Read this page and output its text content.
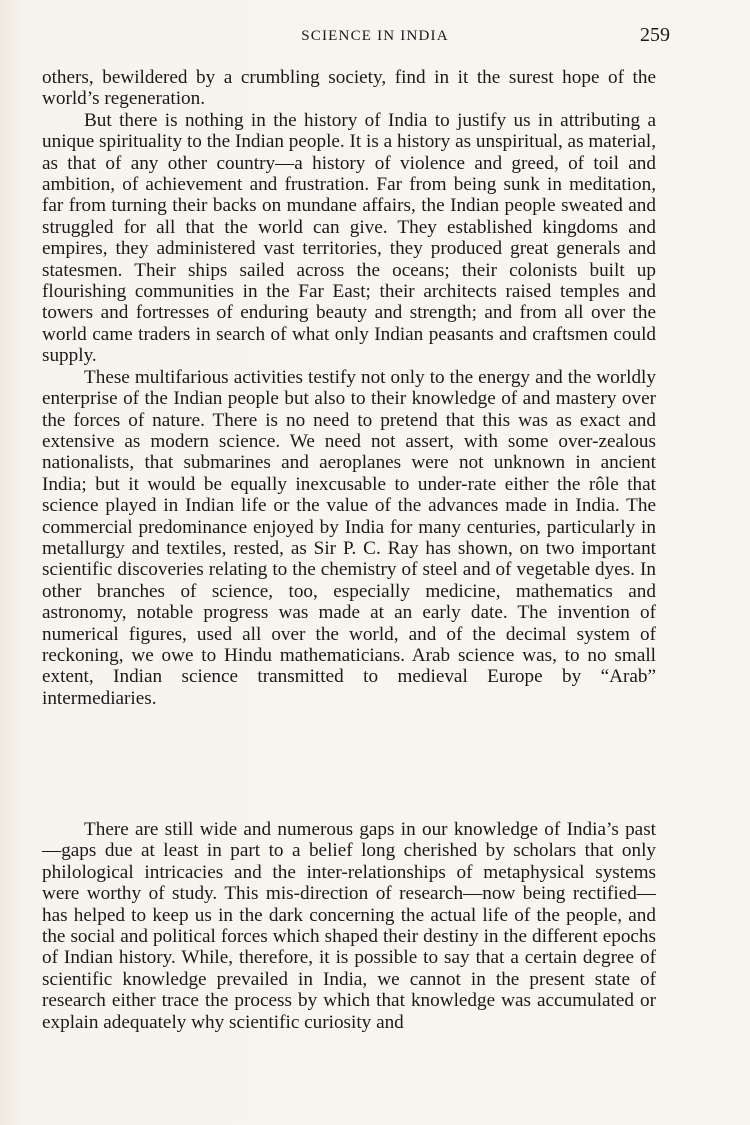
SCIENCE IN INDIA	259

others, bewildered by a crumbling society, find in it the surest hope of the world’s regeneration.

But there is nothing in the history of India to justify us in attributing a unique spirituality to the Indian people. It is a history as unspiritual, as material, as that of any other country—a history of violence and greed, of toil and ambition, of achievement and frustration. Far from being sunk in meditation, far from turning their backs on mundane affairs, the Indian people sweated and struggled for all that the world can give. They established kingdoms and empires, they administered vast territories, they produced great generals and statesmen. Their ships sailed across the oceans; their colonists built up flourishing communities in the Far East; their architects raised temples and towers and fortresses of enduring beauty and strength; and from all over the world came traders in search of what only Indian peasants and craftsmen could supply.

These multifarious activities testify not only to the energy and the worldly enterprise of the Indian people but also to their knowledge of and mastery over the forces of nature. There is no need to pretend that this was as exact and extensive as modern science. We need not assert, with some over-zealous nationalists, that submarines and aeroplanes were not unknown in ancient India; but it would be equally inexcusable to under-rate either the rôle that science played in Indian life or the value of the advances made in India. The commercial predominance enjoyed by India for many centuries, particularly in metallurgy and textiles, rested, as Sir P. C. Ray has shown, on two important scientific discoveries relating to the chemistry of steel and of vegetable dyes. In other branches of science, too, especially medicine, mathematics and astronomy, notable progress was made at an early date. The invention of numerical figures, used all over the world, and of the decimal system of reckoning, we owe to Hindu mathematicians. Arab science was, to no small extent, Indian science transmitted to medieval Europe by “Arab” intermediaries.

There are still wide and numerous gaps in our knowledge of India’s past—gaps due at least in part to a belief long cherished by scholars that only philological intricacies and the inter-relationships of metaphysical systems were worthy of study. This mis-direction of research—now being rectified—has helped to keep us in the dark concerning the actual life of the people, and the social and political forces which shaped their destiny in the different epochs of Indian history. While, therefore, it is possible to say that a certain degree of scientific knowledge prevailed in India, we cannot in the present state of research either trace the process by which that knowledge was accumulated or explain adequately why scientific curiosity and
